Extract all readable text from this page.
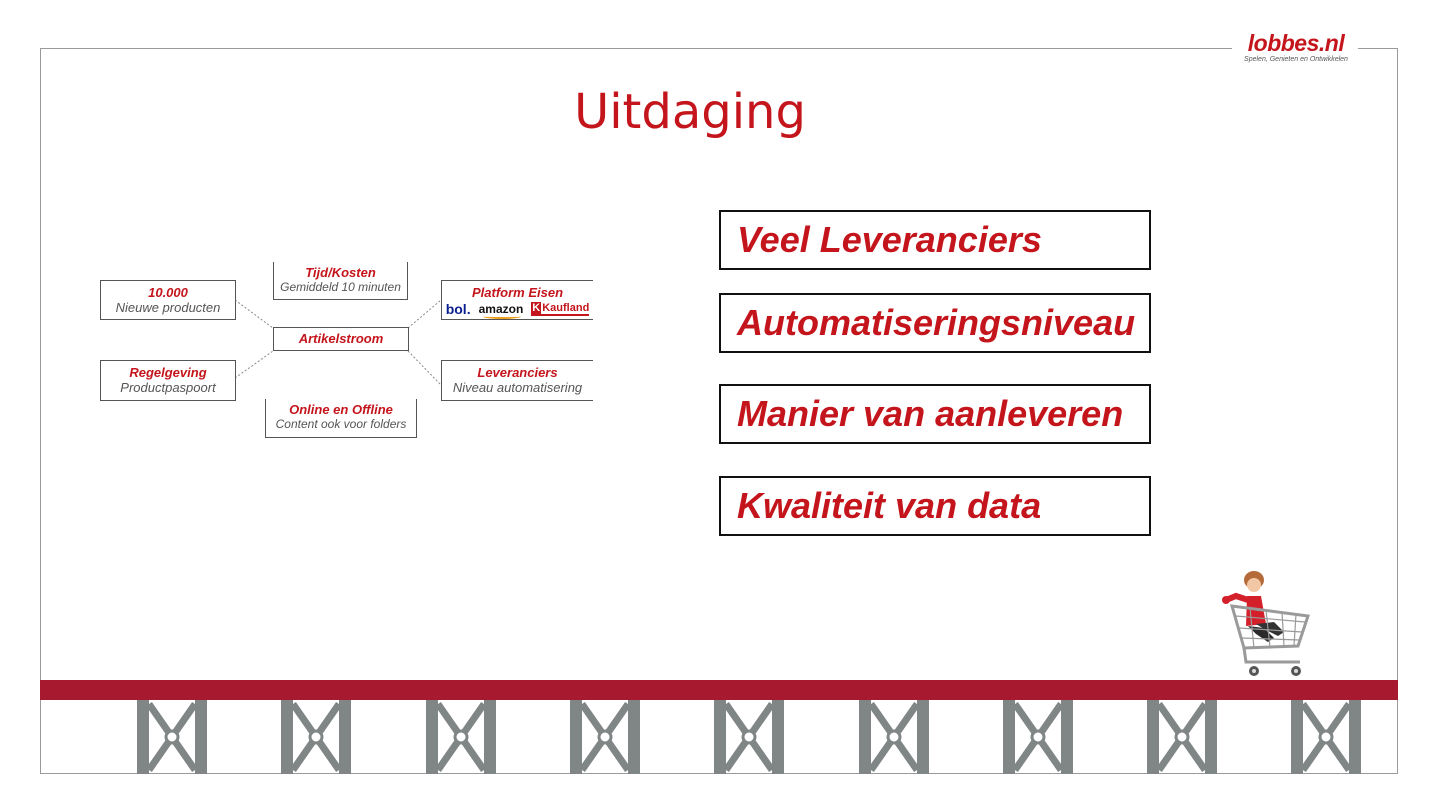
lobbes.nl
Spelen, Genieten en Ontwikkelen
Uitdaging
10.000
Nieuwe producten
Tijd/Kosten
Gemiddeld 10 minuten	Platform Eisen
bol. amazon K Kaufland
Artikelstroom
Regelgeving
Productpaspoort
Leveranciers
Niveau automatisering
Online en Offline
Content ook voor folders
Veel Leveranciers
Automatiseringsniveau
Manier van aanleveren
Kwaliteit van data
